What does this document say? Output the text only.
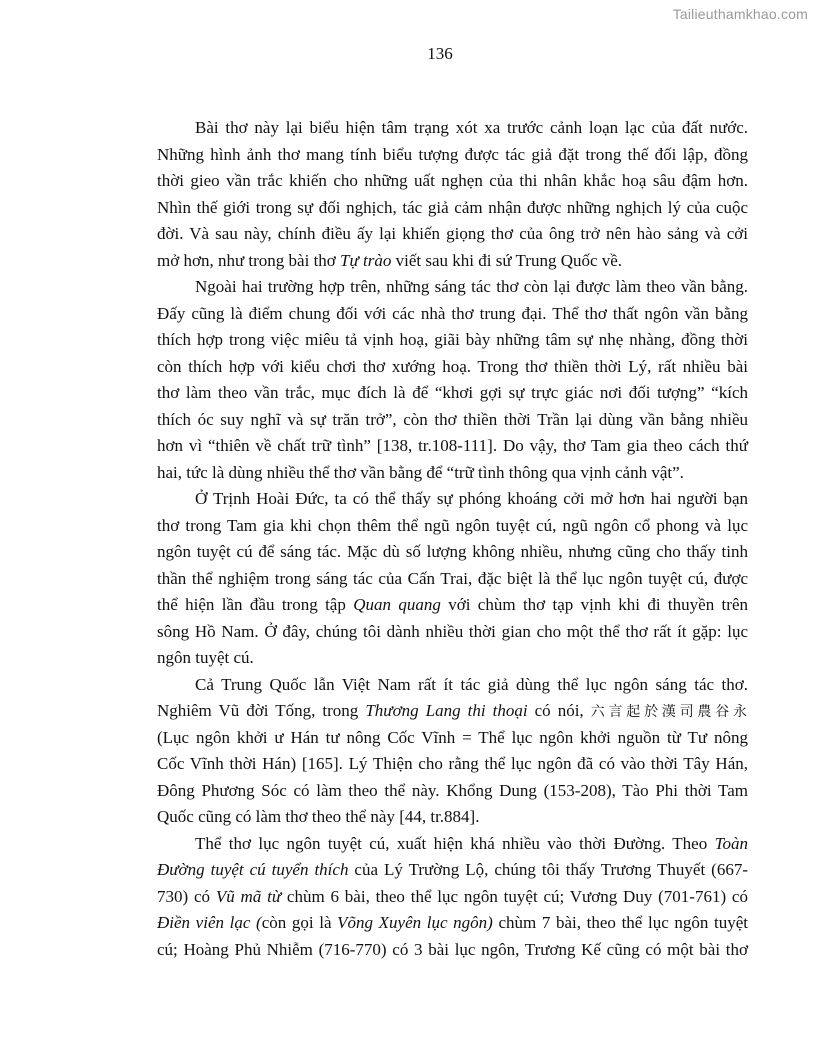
Tailieuthamkhao.com
136
Bài thơ này lại biểu hiện tâm trạng xót xa trước cảnh loạn lạc của đất nước.
Những hình ảnh thơ mang tính biểu tượng được tác giả đặt trong thế đối lập, đồng
thời gieo vần trắc khiến cho những uất nghẹn của thi nhân khắc hoạ sâu đậm hơn.
Nhìn thế giới trong sự đối nghịch, tác giả cảm nhận được những nghịch lý của cuộc
đời. Và sau này, chính điều ấy lại khiến giọng thơ của ông trở nên hào sảng và cởi
mở hơn, như trong bài thơ Tự trào viết sau khi đi sứ Trung Quốc về.
Ngoài hai trường hợp trên, những sáng tác thơ còn lại được làm theo vần bằng.
Đấy cũng là điểm chung đối với các nhà thơ trung đại. Thể thơ thất ngôn vần bằng
thích hợp trong việc miêu tả vịnh hoạ, giãi bày những tâm sự nhẹ nhàng, đồng thời
còn thích hợp với kiểu chơi thơ xướng hoạ. Trong thơ thiền thời Lý, rất nhiều bài
thơ làm theo vần trắc, mục đích là để “khơi gợi sự trực giác nơi đối tượng” “kích
thích óc suy nghĩ và sự trăn trở”, còn thơ thiền thời Trần lại dùng vần bằng nhiều
hơn vì “thiên về chất trữ tình” [138, tr.108-111]. Do vậy, thơ Tam gia theo cách thứ
hai, tức là dùng nhiều thể thơ vần bằng để “trữ tình thông qua vịnh cảnh vật”.
Ở Trịnh Hoài Đức, ta có thể thấy sự phóng khoáng cởi mở hơn hai người bạn
thơ trong Tam gia khi chọn thêm thể ngũ ngôn tuyệt cú, ngũ ngôn cổ phong và lục
ngôn tuyệt cú để sáng tác. Mặc dù số lượng không nhiều, nhưng cũng cho thấy tinh
thần thể nghiệm trong sáng tác của Cấn Trai, đặc biệt là thể lục ngôn tuyệt cú, được
thể hiện lần đầu trong tập Quan quang với chùm thơ tạp vịnh khi đi thuyền trên
sông Hồ Nam. Ở đây, chúng tôi dành nhiều thời gian cho một thể thơ rất ít gặp: lục
ngôn tuyệt cú.
Cả Trung Quốc lẫn Việt Nam rất ít tác giả dùng thể lục ngôn sáng tác thơ.
Nghiêm Vũ đời Tống, trong Thương Lang thi thoại có nói, 六言起於漢司農谷永
(Lục ngôn khởi ư Hán tư nông Cốc Vĩnh = Thể lục ngôn khởi nguồn từ Tư nông
Cốc Vĩnh thời Hán) [165]. Lý Thiện cho rằng thể lục ngôn đã có vào thời Tây Hán,
Đông Phương Sóc có làm theo thể này. Khổng Dung (153-208), Tào Phi thời Tam
Quốc cũng có làm thơ theo thể này [44, tr.884].
Thể thơ lục ngôn tuyệt cú, xuất hiện khá nhiều vào thời Đường. Theo Toàn
Đường tuyệt cú tuyển thích của Lý Trường Lộ, chúng tôi thấy Trương Thuyết (667-
730) có Vũ mã từ chùm 6 bài, theo thể lục ngôn tuyệt cú; Vương Duy (701-761) có
Điền viên lạc (còn gọi là Võng Xuyên lục ngôn) chùm 7 bài, theo thể lục ngôn tuyệt
cú; Hoàng Phủ Nhiễm (716-770) có 3 bài lục ngôn, Trương Kế cũng có một bài thơ
